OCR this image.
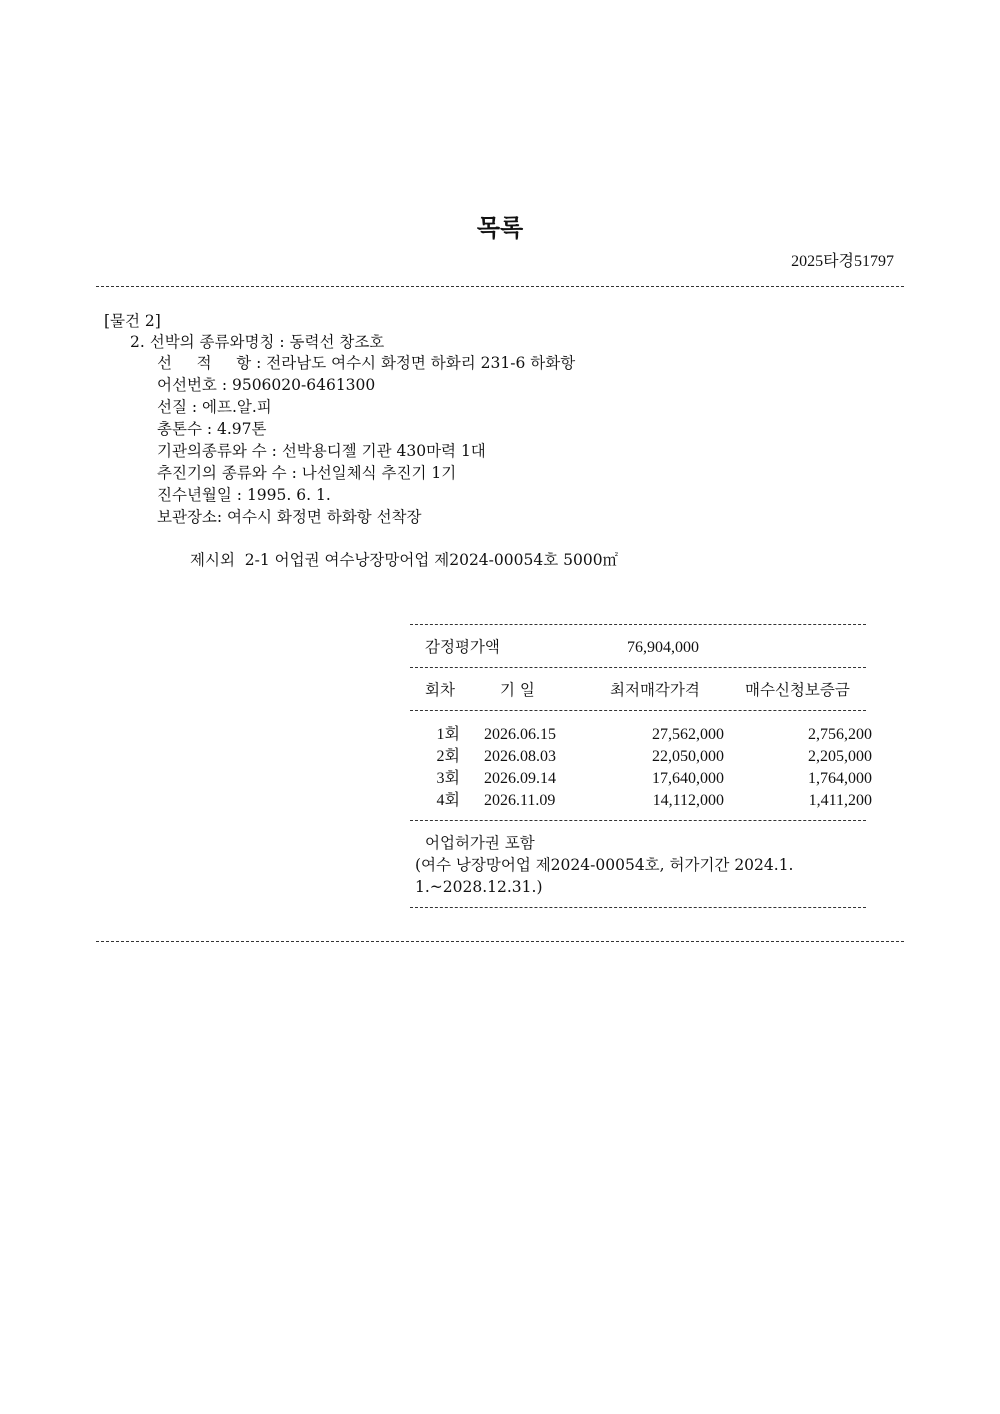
목록
2025타경51797
[물건 2]
2. 선박의 종류와명칭 : 동력선 창조호
선     적     항 : 전라남도 여수시 화정면 하화리 231-6 하화항
어선번호 : 9506020-6461300
선질 : 에프.알.피
총톤수 : 4.97톤
기관의종류와 수 : 선박용디젤 기관 430마력 1대
추진기의 종류와 수 : 나선일체식 추진기 1기
진수년월일 : 1995. 6. 1.
보관장소: 여수시 화정면 하화항 선착장
제시외  2-1 어업권 여수낭장망어업 제2024-00054호 5000㎡
감정평가액	76,904,000
회차	기 일	최저매각가격	매수신청보증금
1회 2026.06.15	27,562,000	2,756,200
2회 2026.08.03	22,050,000	2,205,000
3회 2026.09.14	17,640,000	1,764,000
4회 2026.11.09	14,112,000	1,411,200
어업허가권 포함
(여수 낭장망어업 제2024-00054호, 허가기간 2024.1.
1.~2028.12.31.)
